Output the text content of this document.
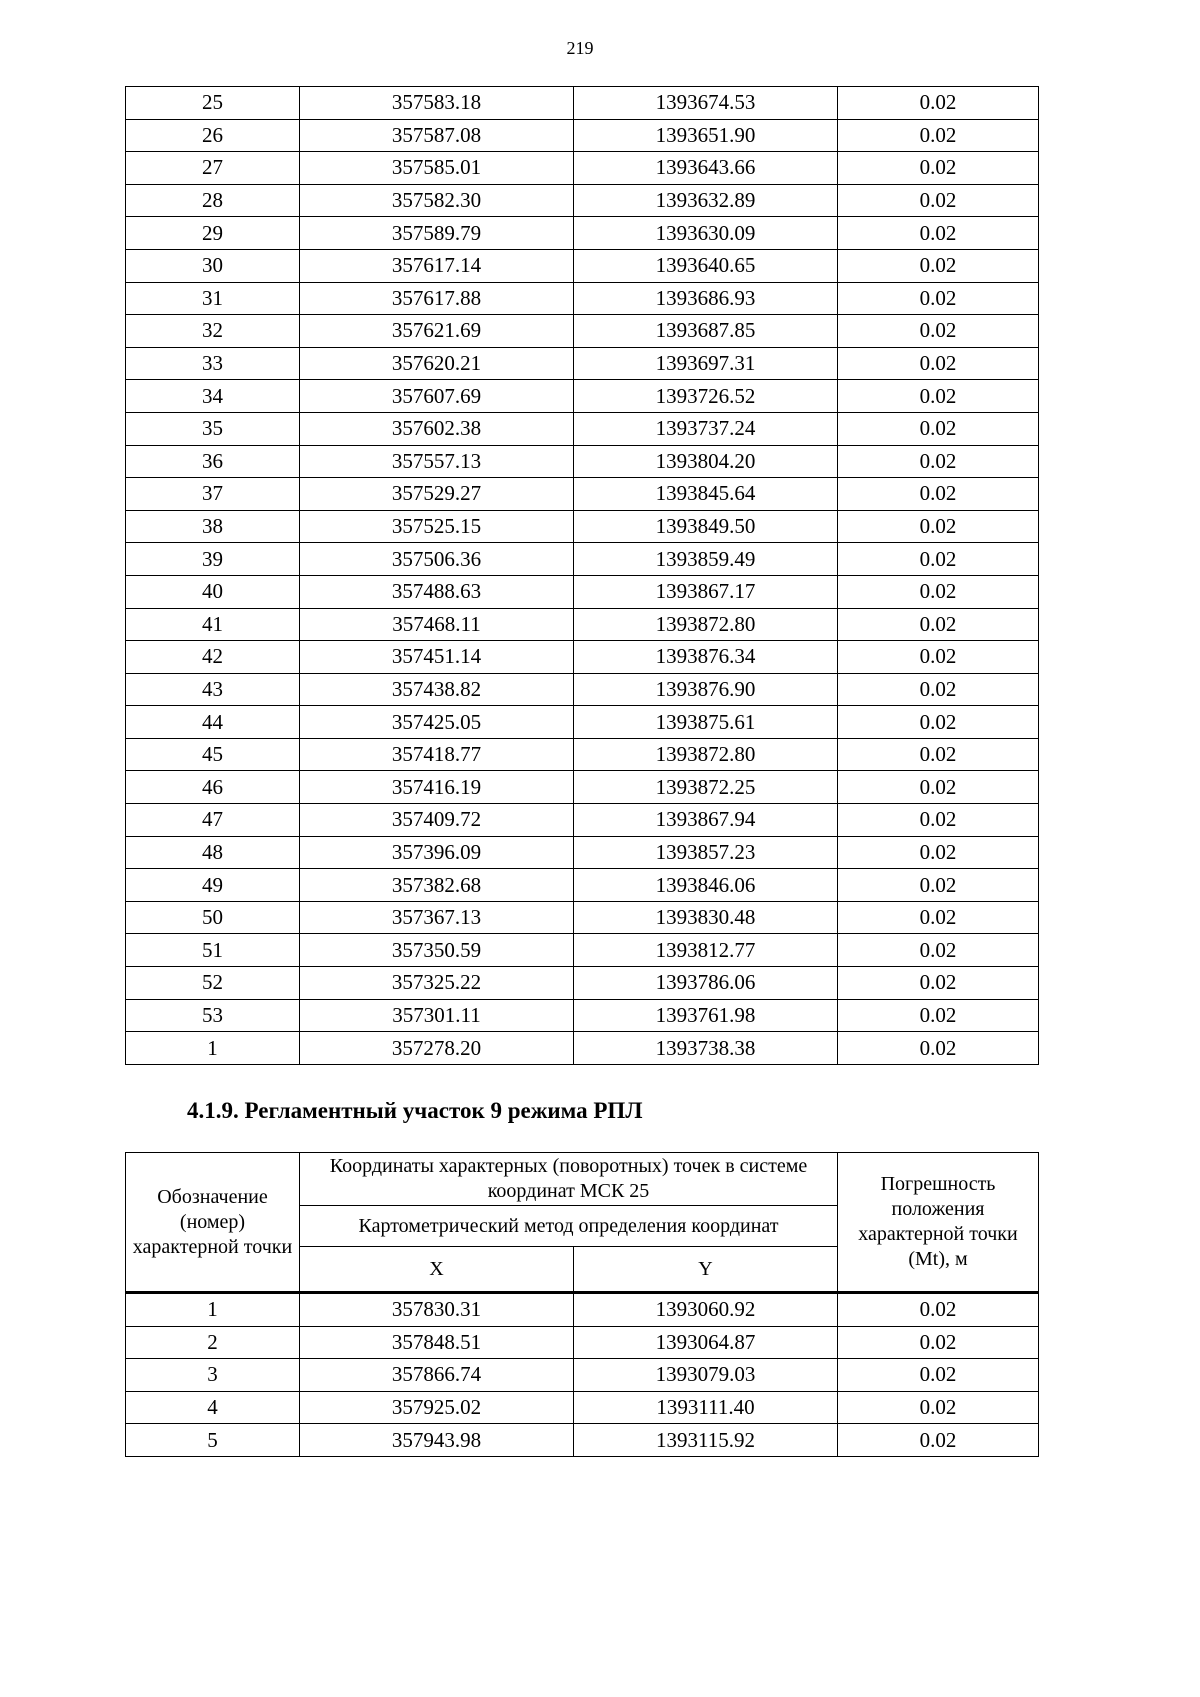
219
25	357583.18	1393674.53	0.02
26	357587.08	1393651.90	0.02
27	357585.01	1393643.66	0.02
28	357582.30	1393632.89	0.02
29	357589.79	1393630.09	0.02
30	357617.14	1393640.65	0.02
31	357617.88	1393686.93	0.02
32	357621.69	1393687.85	0.02
33	357620.21	1393697.31	0.02
34	357607.69	1393726.52	0.02
35	357602.38	1393737.24	0.02
36	357557.13	1393804.20	0.02
37	357529.27	1393845.64	0.02
38	357525.15	1393849.50	0.02
39	357506.36	1393859.49	0.02
40	357488.63	1393867.17	0.02
41	357468.11	1393872.80	0.02
42	357451.14	1393876.34	0.02
43	357438.82	1393876.90	0.02
44	357425.05	1393875.61	0.02
45	357418.77	1393872.80	0.02
46	357416.19	1393872.25	0.02
47	357409.72	1393867.94	0.02
48	357396.09	1393857.23	0.02
49	357382.68	1393846.06	0.02
50	357367.13	1393830.48	0.02
51	357350.59	1393812.77	0.02
52	357325.22	1393786.06	0.02
53	357301.11	1393761.98	0.02
1	357278.20	1393738.38	0.02
4.1.9. Регламентный участок 9 режима РПЛ
Обозначение (номер) характерной точки	Координаты характерных (поворотных) точек в системе координат МСК 25		Погрешность положения характерной точки (Mt), м
	Картометрический метод определения координат		
	X	Y	
1	357830.31	1393060.92	0.02
2	357848.51	1393064.87	0.02
3	357866.74	1393079.03	0.02
4	357925.02	1393111.40	0.02
5	357943.98	1393115.92	0.02
